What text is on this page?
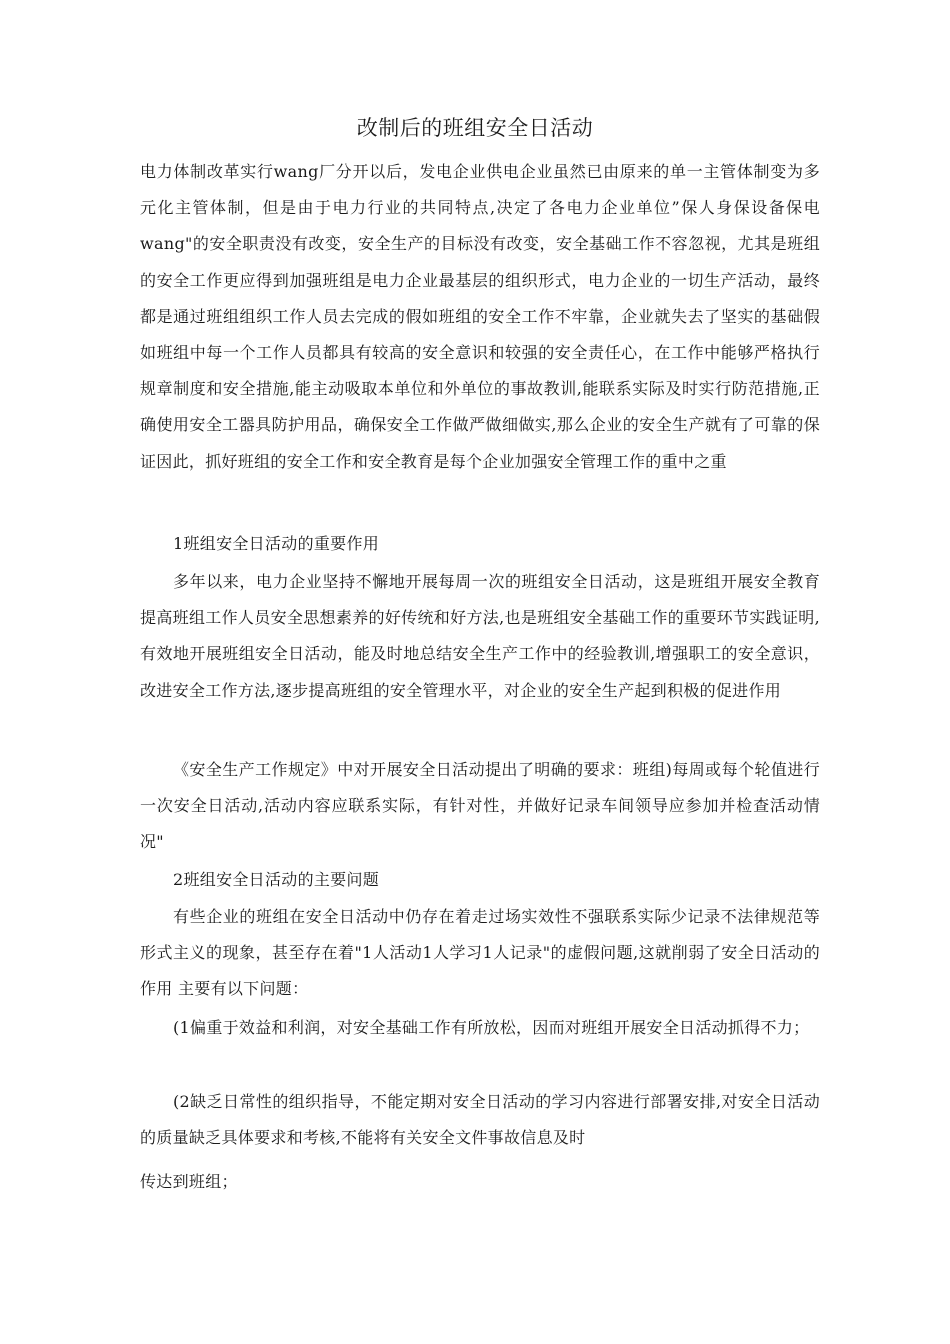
改制后的班组安全日活动
电力体制改革实行wang厂分开以后，发电企业供电企业虽然已由原来的单一主管体制变为多元化主管体制，但是由于电力行业的共同特点,决定了各电力企业单位”保人身保设备保电wang"的安全职责没有改变，安全生产的目标没有改变，安全基础工作不容忽视，尤其是班组的安全工作更应得到加强班组是电力企业最基层的组织形式，电力企业的一切生产活动，最终都是通过班组组织工作人员去完成的假如班组的安全工作不牢靠，企业就失去了坚实的基础假如班组中每一个工作人员都具有较高的安全意识和较强的安全责任心，在工作中能够严格执行规章制度和安全措施,能主动吸取本单位和外单位的事故教训,能联系实际及时实行防范措施,正确使用安全工器具防护用品，确保安全工作做严做细做实,那么企业的安全生产就有了可靠的保证因此，抓好班组的安全工作和安全教育是每个企业加强安全管理工作的重中之重
1班组安全日活动的重要作用
多年以来，电力企业坚持不懈地开展每周一次的班组安全日活动，这是班组开展安全教育提高班组工作人员安全思想素养的好传统和好方法,也是班组安全基础工作的重要环节实践证明,有效地开展班组安全日活动，能及时地总结安全生产工作中的经验教训,增强职工的安全意识，改进安全工作方法,逐步提高班组的安全管理水平，对企业的安全生产起到积极的促进作用
《安全生产工作规定》中对开展安全日活动提出了明确的要求：班组)每周或每个轮值进行一次安全日活动,活动内容应联系实际，有针对性，并做好记录车间领导应参加并检查活动情况"
2班组安全日活动的主要问题
有些企业的班组在安全日活动中仍存在着走过场实效性不强联系实际少记录不法律规范等形式主义的现象，甚至存在着"1人活动1人学习1人记录"的虚假问题,这就削弱了安全日活动的作用 主要有以下问题：
(1偏重于效益和利润，对安全基础工作有所放松，因而对班组开展安全日活动抓得不力；
(2缺乏日常性的组织指导，不能定期对安全日活动的学习内容进行部署安排,对安全日活动的质量缺乏具体要求和考核,不能将有关安全文件事故信息及时
传达到班组；
